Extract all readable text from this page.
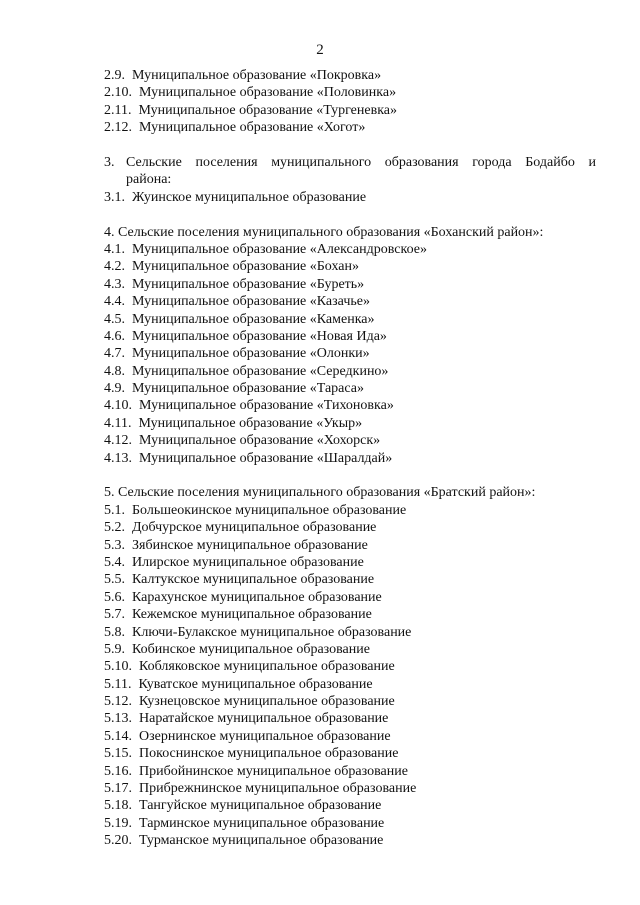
2
2.9. Муниципальное образование «Покровка»
2.10. Муниципальное образование «Половинка»
2.11. Муниципальное образование «Тургеневка»
2.12. Муниципальное образование «Хогот»
3. Сельские поселения муниципального образования города Бодайбо и
района:
3.1. Жуинское муниципальное образование
4. Сельские поселения муниципального образования «Боханский район»:
4.1. Муниципальное образование «Александровское»
4.2. Муниципальное образование «Бохан»
4.3. Муниципальное образование «Буреть»
4.4. Муниципальное образование «Казачье»
4.5. Муниципальное образование «Каменка»
4.6. Муниципальное образование «Новая Ида»
4.7. Муниципальное образование «Олонки»
4.8. Муниципальное образование «Середкино»
4.9. Муниципальное образование «Тараса»
4.10. Муниципальное образование «Тихоновка»
4.11. Муниципальное образование «Укыр»
4.12. Муниципальное образование «Хохорск»
4.13. Муниципальное образование «Шаралдай»
5. Сельские поселения муниципального образования «Братский район»:
5.1. Большеокинское муниципальное образование
5.2. Добчурское муниципальное образование
5.3. Зябинское муниципальное образование
5.4. Илирское муниципальное образование
5.5. Калтукское муниципальное образование
5.6. Карахунское муниципальное образование
5.7. Кежемское муниципальное образование
5.8. Ключи-Булакское муниципальное образование
5.9. Кобинское муниципальное образование
5.10. Кобляковское муниципальное образование
5.11. Куватское муниципальное образование
5.12. Кузнецовское муниципальное образование
5.13. Наратайское муниципальное образование
5.14. Озернинское муниципальное образование
5.15. Покоснинское муниципальное образование
5.16. Прибойнинское муниципальное образование
5.17. Прибрежнинское муниципальное образование
5.18. Тангуйское муниципальное образование
5.19. Тарминское муниципальное образование
5.20. Турманское муниципальное образование
